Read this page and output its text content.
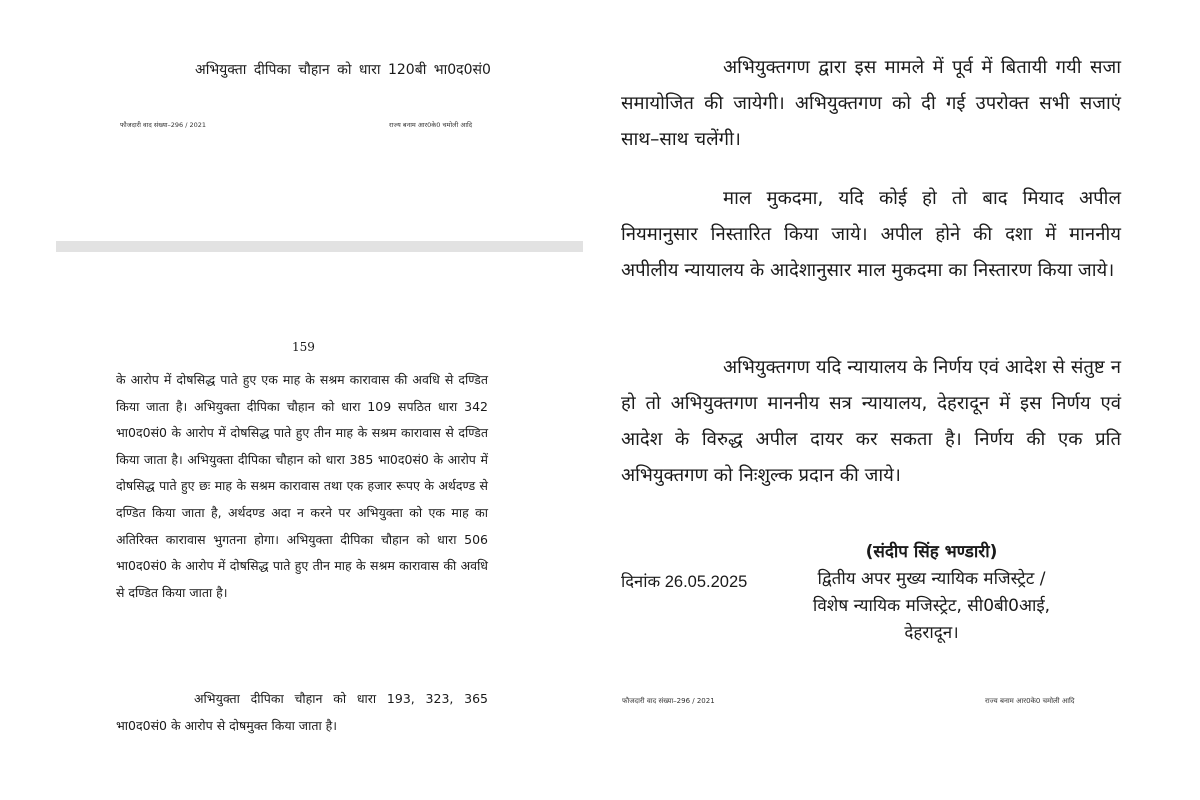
अभियुक्ता दीपिका चौहान को धारा 120बी भा0द0सं0
फौजदारी वाद संख्या–296 / 2021	राज्य बनाम आर0के0 चमोली आदि
159
के आरोप में दोषसिद्ध पाते हुए एक माह के सश्रम कारावास की अवधि से दण्डित किया जाता है। अभियुक्ता दीपिका चौहान को धारा 109 सपठित धारा 342 भा0द0सं0 के आरोप में दोषसिद्ध पाते हुए तीन माह के सश्रम कारावास से दण्डित किया जाता है। अभियुक्ता दीपिका चौहान को धारा 385 भा0द0सं0 के आरोप में दोषसिद्ध पाते हुए छः माह के सश्रम कारावास तथा एक हजार रूपए के अर्थदण्ड से दण्डित किया जाता है, अर्थदण्ड अदा न करने पर अभियुक्ता को एक माह का अतिरिक्त कारावास भुगतना होगा। अभियुक्ता दीपिका चौहान को धारा 506 भा0द0सं0 के आरोप में दोषसिद्ध पाते हुए तीन माह के सश्रम कारावास की अवधि से दण्डित किया जाता है।
अभियुक्ता दीपिका चौहान को धारा 193, 323, 365 भा0द0सं0 के आरोप से दोषमुक्त किया जाता है।
अभियुक्तगण द्वारा इस मामले में पूर्व में बितायी गयी सजा समायोजित की जायेगी। अभियुक्तगण को दी गई उपरोक्त सभी सजाएं साथ–साथ चलेंगी।
माल मुकदमा, यदि कोई हो तो बाद मियाद अपील नियमानुसार निस्तारित किया जाये। अपील होने की दशा में माननीय अपीलीय न्यायालय के आदेशानुसार माल मुकदमा का निस्तारण किया जाये।
अभियुक्तगण यदि न्यायालय के निर्णय एवं आदेश से संतुष्ट न हो तो अभियुक्तगण माननीय सत्र न्यायालय, देहरादून में इस निर्णय एवं आदेश के विरुद्ध अपील दायर कर सकता है। निर्णय की एक प्रति अभियुक्तगण को निःशुल्क प्रदान की जाये।
दिनांक 26.05.2025
(संदीप सिंह भण्डारी)
द्वितीय अपर मुख्य न्यायिक मजिस्ट्रेट /
विशेष न्यायिक मजिस्ट्रेट, सी0बी0आई,
देहरादून।
फौजदारी वाद संख्या–296 / 2021	राज्य बनाम आर0के0 चमोली आदि
